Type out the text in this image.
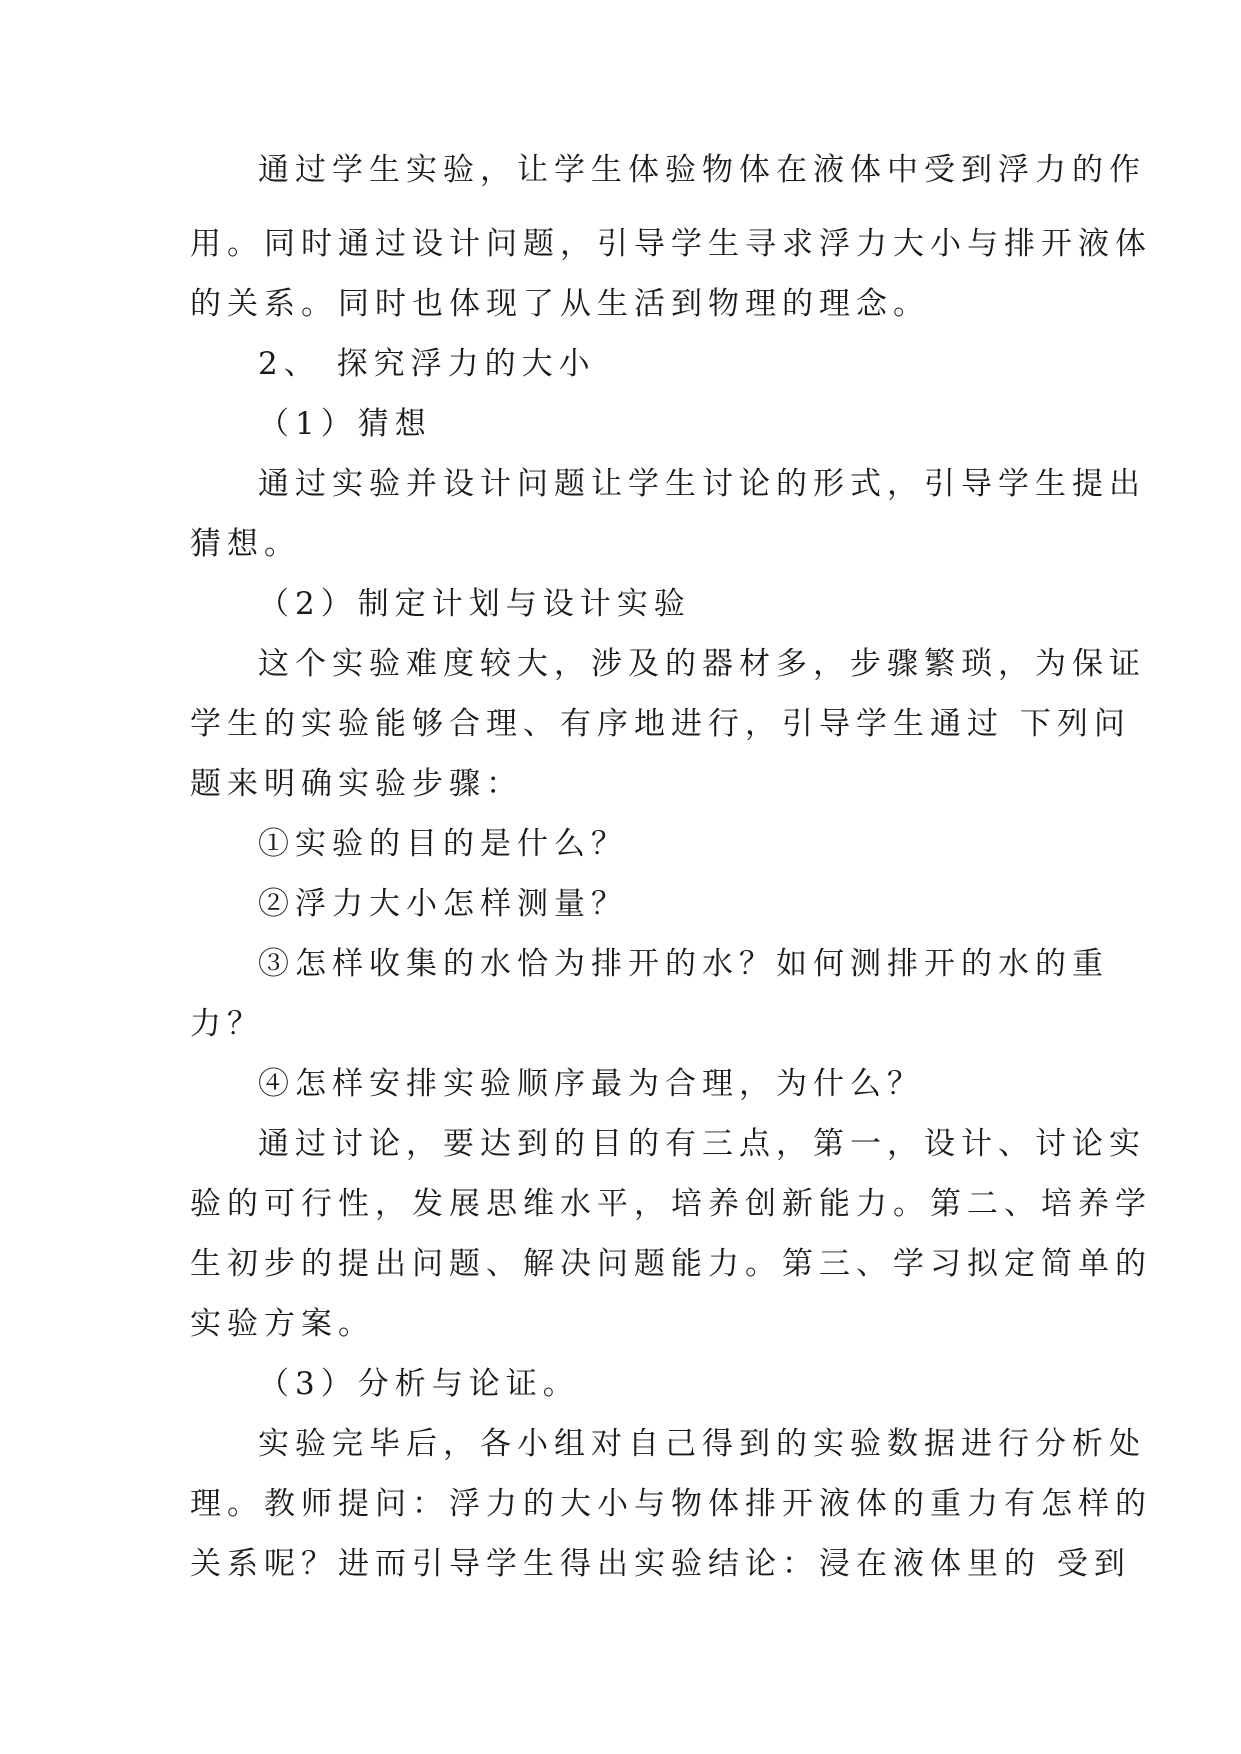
通过学生实验，让学生体验物体在液体中受到浮力的作

用。同时通过设计问题，引导学生寻求浮力大小与排开液体

的关系。同时也体现了从生活到物理的理念。

2、 探究浮力的大小

（1）猜想

通过实验并设计问题让学生讨论的形式，引导学生提出

猜想。

（2）制定计划与设计实验

这个实验难度较大，涉及的器材多，步骤繁琐，为保证

学生的实验能够合理、有序地进行，引导学生通过 下列问

题来明确实验步骤：

①实验的目的是什么？

②浮力大小怎样测量？

③怎样收集的水恰为排开的水？如何测排开的水的重

力？

④怎样安排实验顺序最为合理，为什么？

通过讨论，要达到的目的有三点，第一，设计、讨论实

验的可行性，发展思维水平，培养创新能力。第二、培养学

生初步的提出问题、解决问题能力。第三、学习拟定简单的

实验方案。

（3）分析与论证。

实验完毕后，各小组对自己得到的实验数据进行分析处

理。教师提问：浮力的大小与物体排开液体的重力有怎样的

关系呢？进而引导学生得出实验结论：浸在液体里的 受到
